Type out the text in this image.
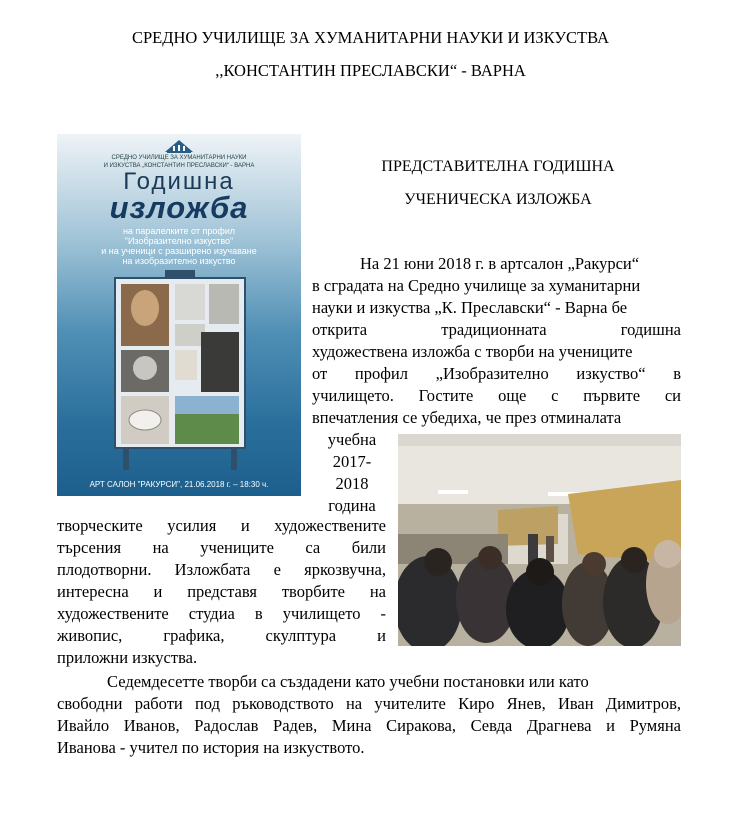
СРЕДНО УЧИЛИЩЕ ЗА ХУМАНИТАРНИ НАУКИ И ИЗКУСТВА
,,КОНСТАНТИН ПРЕСЛАВСКИ“ - ВАРНА
СРЕДНО УЧИЛИЩЕ ЗА ХУМАНИТАРНИ НАУКИ
И ИЗКУСТВА „КОНСТАНТИН ПРЕСЛАВСКИ“ - ВАРНА
Годишна
изложба
на паралелките от профил
"Изобразително изкуство"
и на ученици с разширено изучаване
на изобразително изкуство
АРТ САЛОН "РАКУРСИ", 21.06.2018 г. – 18:30 ч.
ПРЕДСТАВИТЕЛНА ГОДИШНА
УЧЕНИЧЕСКА ИЗЛОЖБА
На 21 юни 2018 г. в артсалон „Ракурси“
в сградата на Средно училище за хуманитарни
науки и изкуства „К. Преславски“ - Варна бе
открита традиционната годишна
художествена изложба с творби на учениците
от профил „Изобразително изкуство“ в
училището. Гостите още с първите си
впечатления се убедиха, че през отминалата
учебна
2017-
2018
година
творческите усилия и художествените
търсения на учениците са били
плодотворни. Изложбата е яркозвучна,
интересна и представя творбите на
художествените студиа в училището -
живопис, графика, скулптура и
приложни изкуства.
Седемдесетте творби са създадени като учебни постановки или като
свободни работи под ръководството на учителите Киро Янев, Иван Димитров,
Ивайло Иванов, Радослав Радев, Мина Сиракова, Севда Драгнева и Румяна
Иванова - учител по история на изкуството.
